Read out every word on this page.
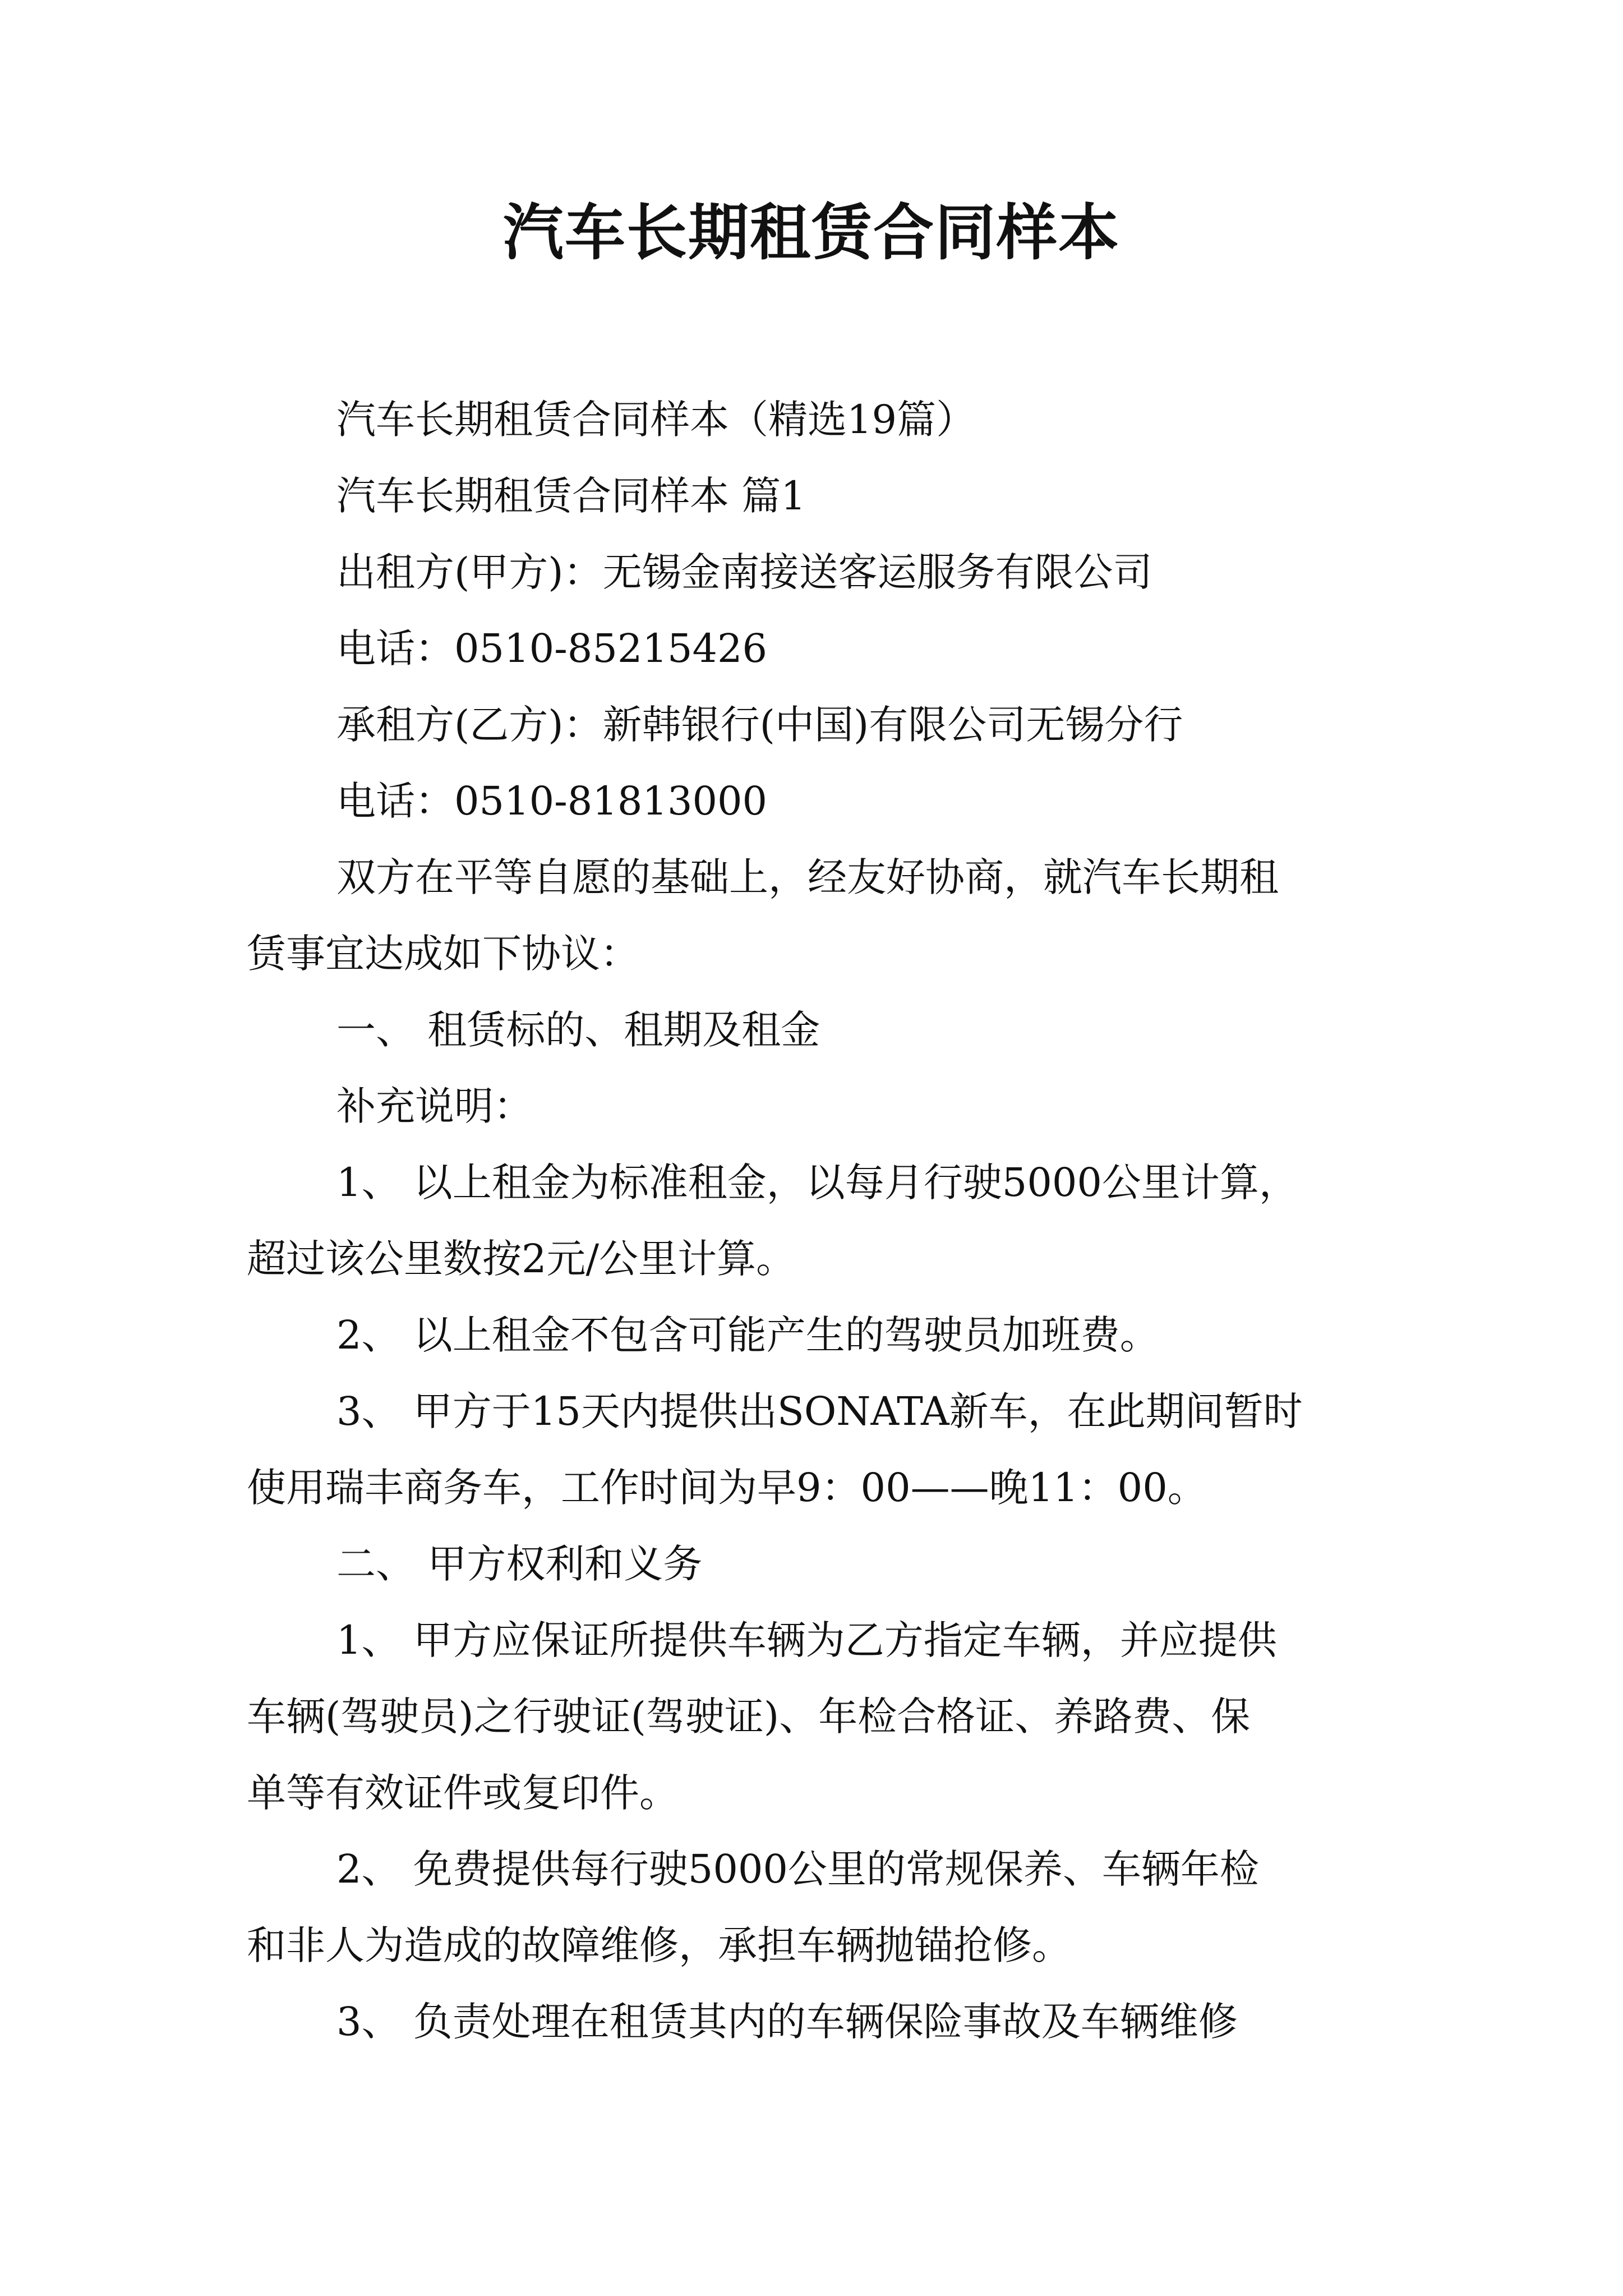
汽车长期租赁合同样本
汽车长期租赁合同样本（精选19篇）
汽车长期租赁合同样本 篇1
出租方(甲方)：无锡金南接送客运服务有限公司
电话：0510-85215426
承租方(乙方)：新韩银行(中国)有限公司无锡分行
电话：0510-81813000
双方在平等自愿的基础上，经友好协商，就汽车长期租
赁事宜达成如下协议：
一、 租赁标的、租期及租金
补充说明：
1、 以上租金为标准租金，以每月行驶5000公里计算，
超过该公里数按2元/公里计算。
2、 以上租金不包含可能产生的驾驶员加班费。
3、 甲方于15天内提供出SONATA新车，在此期间暂时
使用瑞丰商务车，工作时间为早9：00——晚11：00。
二、 甲方权利和义务
1、 甲方应保证所提供车辆为乙方指定车辆，并应提供
车辆(驾驶员)之行驶证(驾驶证)、年检合格证、养路费、保
单等有效证件或复印件。
2、 免费提供每行驶5000公里的常规保养、车辆年检
和非人为造成的故障维修，承担车辆抛锚抢修。
3、 负责处理在租赁其内的车辆保险事故及车辆维修
